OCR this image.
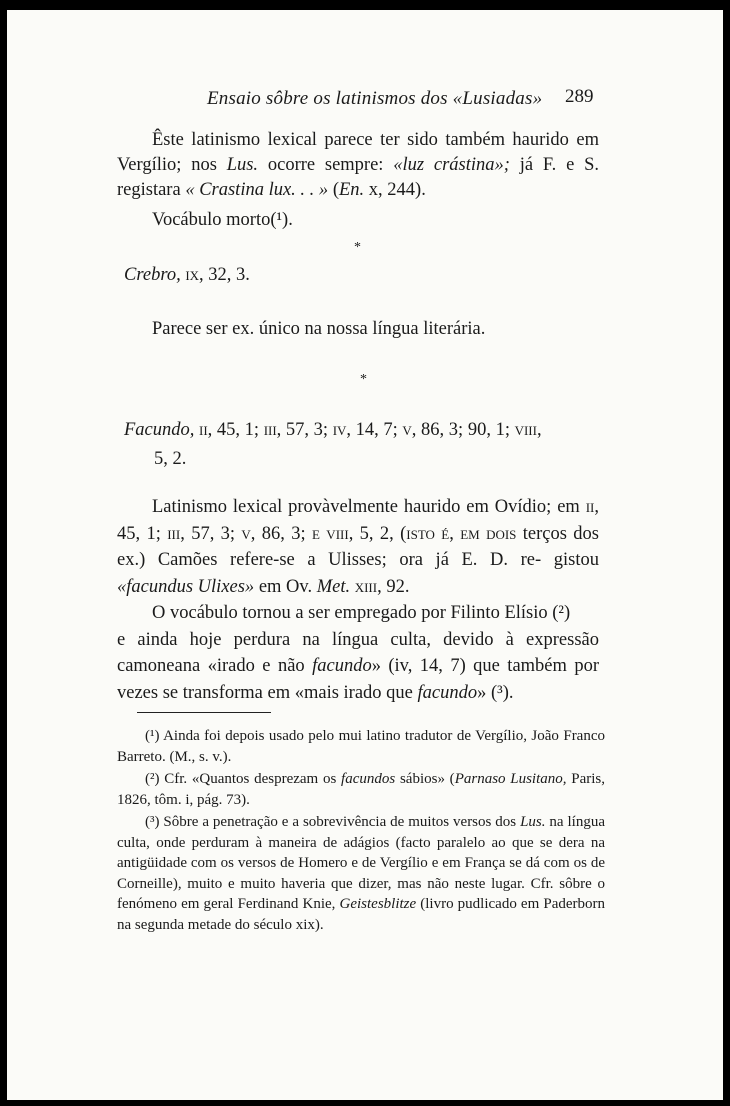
Ensaio sôbre os latinismos dos «Lusiadas»	289
Êste latinismo lexical parece ter sido também haurido em Vergílio; nos Lus. ocorre sempre: «luz crástina»; já F. e S. registara « Crastina lux. . . » (En. x, 244).
Vocábulo morto(¹).
*
Crebro, ix, 32, 3.
Parece ser ex. único na nossa língua literária.
*
Facundo, ii, 45, 1; iii, 57, 3; iv, 14, 7; v, 86, 3; 90, 1; viii,
5, 2.
Latinismo lexical provàvelmente haurido em Ovídio; em ii, 45, 1; iii, 57, 3; v, 86, 3; e viii, 5, 2, (isto é, em dois terços dos ex.) Camões refere-se a Ulisses; ora já E. D. re- gistou «facundus Ulixes» em Ov. Met. xiii, 92.
O vocábulo tornou a ser empregado por Filinto Elísio (²)
e ainda hoje perdura na língua culta, devido à expressão camoneana «irado e não facundo» (iv, 14, 7) que também por vezes se transforma em «mais irado que facundo» (³).
(¹) Ainda foi depois usado pelo mui latino tradutor de Vergílio, João Franco Barreto. (M., s. v.).
(²) Cfr. «Quantos desprezam os facundos sábios» (Parnaso Lusitano, Paris, 1826, tôm. i, pág. 73).
(³) Sôbre a penetração e a sobrevivência de muitos versos dos Lus. na língua culta, onde perduram à maneira de adágios (facto paralelo ao que se dera na antigüidade com os versos de Homero e de Vergílio e em França se dá com os de Corneille), muito e muito haveria que dizer, mas não neste lugar. Cfr. sôbre o fenómeno em geral Ferdinand Knie, Geistesblitze (livro pudlicado em Paderborn na segunda metade do século xix).
